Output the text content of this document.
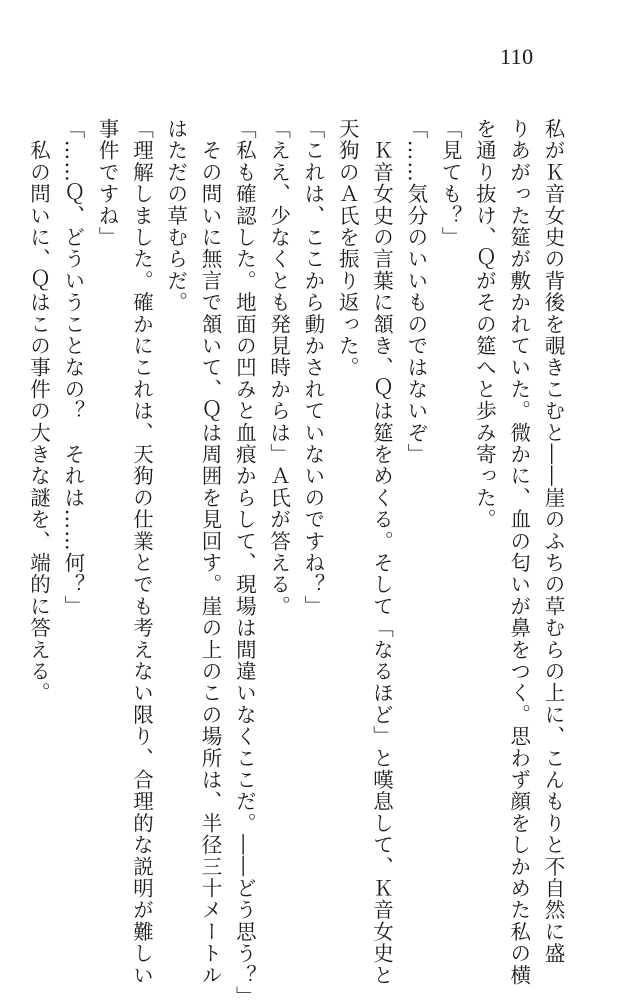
110
私がＫ音女史の背後を覗きこむと――崖のふちの草むらの上に、こんもりと不自然に盛
りあがった筵が敷かれていた。微かに、血の匂いが鼻をつく。思わず顔をしかめた私の横
を通り抜け、Ｑがその筵へと歩み寄った。
「見ても？」
「……気分のいいものではないぞ」
　Ｋ音女史の言葉に頷き、Ｑは筵をめくる。そして「なるほど」と嘆息して、Ｋ音女史と
天狗のＡ氏を振り返った。
「これは、ここから動かされていないのですね？」
「ええ、少なくとも発見時からは」Ａ氏が答える。
「私も確認した。地面の凹みと血痕からして、現場は間違いなくここだ。――どう思う？」
　その問いに無言で頷いて、Ｑは周囲を見回す。崖の上のこの場所は、半径三十メートル
はただの草むらだ。
「理解しました。確かにこれは、天狗の仕業とでも考えない限り、合理的な説明が難しい
事件ですね」
「……Ｑ、どういうことなの？　それは……何？」
　私の問いに、Ｑはこの事件の大きな謎を、端的に答える。
